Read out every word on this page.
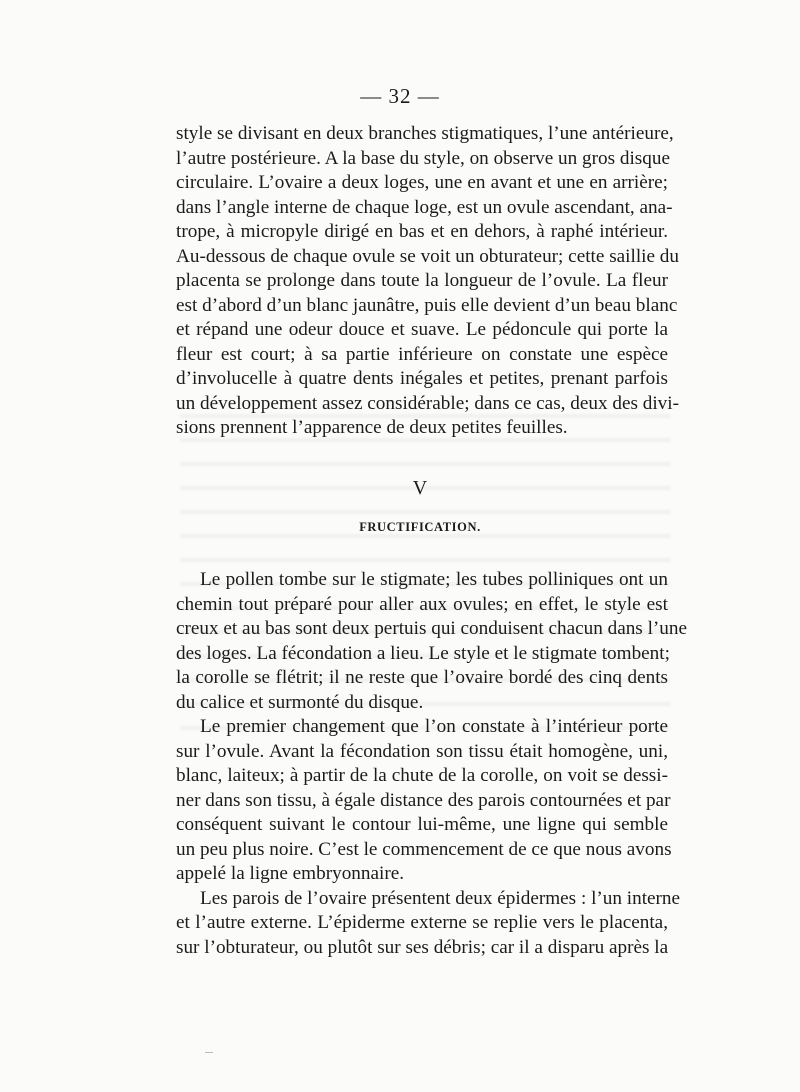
— 32 —
style se divisant en deux branches stigmatiques, l’une antérieure,
l’autre postérieure. A la base du style, on observe un gros disque
circulaire. L’ovaire a deux loges, une en avant et une en arrière;
dans l’angle interne de chaque loge, est un ovule ascendant, ana-
trope, à micropyle dirigé en bas et en dehors, à raphé intérieur.
Au-dessous de chaque ovule se voit un obturateur; cette saillie du
placenta se prolonge dans toute la longueur de l’ovule. La fleur
est d’abord d’un blanc jaunâtre, puis elle devient d’un beau blanc
et répand une odeur douce et suave. Le pédoncule qui porte la
fleur est court; à sa partie inférieure on constate une espèce
d’involucelle à quatre dents inégales et petites, prenant parfois
un développement assez considérable; dans ce cas, deux des divi-
sions prennent l’apparence de deux petites feuilles.
V
FRUCTIFICATION.
Le pollen tombe sur le stigmate; les tubes polliniques ont un
chemin tout préparé pour aller aux ovules; en effet, le style est
creux et au bas sont deux pertuis qui conduisent chacun dans l’une
des loges. La fécondation a lieu. Le style et le stigmate tombent;
la corolle se flétrit; il ne reste que l’ovaire bordé des cinq dents
du calice et surmonté du disque.
Le premier changement que l’on constate à l’intérieur porte
sur l’ovule. Avant la fécondation son tissu était homogène, uni,
blanc, laiteux; à partir de la chute de la corolle, on voit se dessi-
ner dans son tissu, à égale distance des parois contournées et par
conséquent suivant le contour lui-même, une ligne qui semble
un peu plus noire. C’est le commencement de ce que nous avons
appelé la ligne embryonnaire.
Les parois de l’ovaire présentent deux épidermes : l’un interne
et l’autre externe. L’épiderme externe se replie vers le placenta,
sur l’obturateur, ou plutôt sur ses débris; car il a disparu après la
